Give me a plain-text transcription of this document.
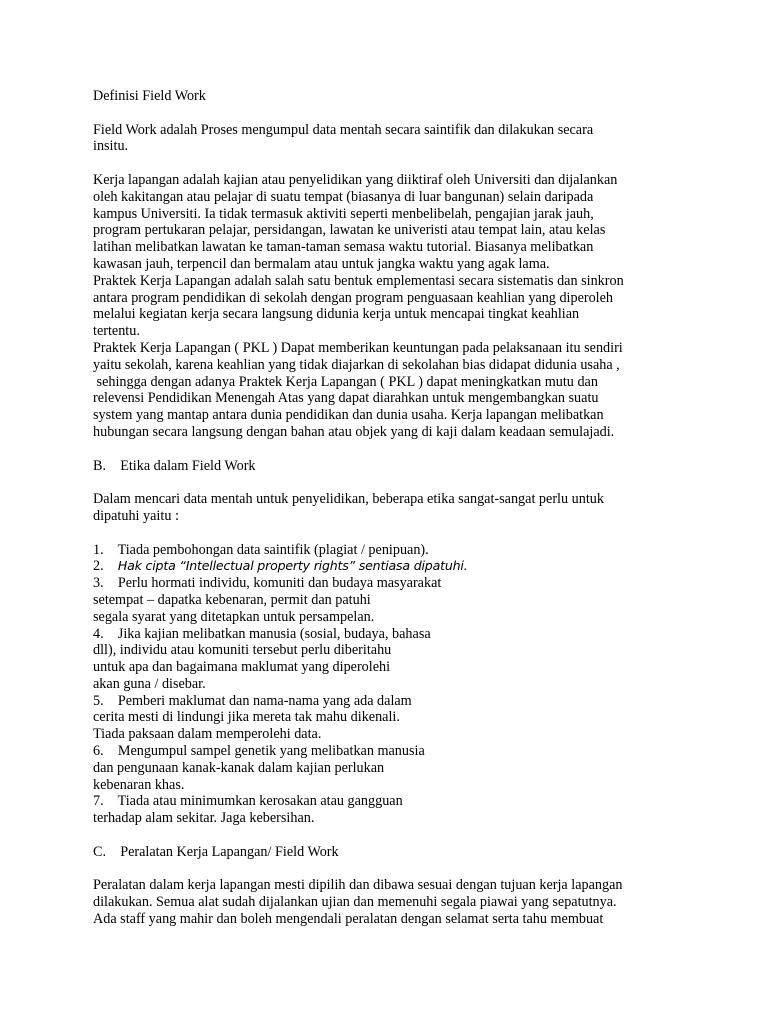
Definisi Field Work
Field Work adalah Proses mengumpul data mentah secara saintifik dan dilakukan secara
insitu.
Kerja lapangan adalah kajian atau penyelidikan yang diiktiraf oleh Universiti dan dijalankan
oleh kakitangan atau pelajar di suatu tempat (biasanya di luar bangunan) selain daripada
kampus Universiti. Ia tidak termasuk aktiviti seperti menbelibelah, pengajian jarak jauh,
program pertukaran pelajar, persidangan, lawatan ke univeristi atau tempat lain, atau kelas
latihan melibatkan lawatan ke taman-taman semasa waktu tutorial. Biasanya melibatkan
kawasan jauh, terpencil dan bermalam atau untuk jangka waktu yang agak lama.
Praktek Kerja Lapangan adalah salah satu bentuk emplementasi secara sistematis dan sinkron
antara program pendidikan di sekolah dengan program penguasaan keahlian yang diperoleh
melalui kegiatan kerja secara langsung didunia kerja untuk mencapai tingkat keahlian
tertentu.
Praktek Kerja Lapangan ( PKL ) Dapat memberikan keuntungan pada pelaksanaan itu sendiri
yaitu sekolah, karena keahlian yang tidak diajarkan di sekolahan bias didapat didunia usaha ,
sehingga dengan adanya Praktek Kerja Lapangan ( PKL ) dapat meningkatkan mutu dan
relevensi Pendidikan Menengah Atas yang dapat diarahkan untuk mengembangkan suatu
system yang mantap antara dunia pendidikan dan dunia usaha. Kerja lapangan melibatkan
hubungan secara langsung dengan bahan atau objek yang di kaji dalam keadaan semulajadi.
B.    Etika dalam Field Work
Dalam mencari data mentah untuk penyelidikan, beberapa etika sangat-sangat perlu untuk
dipatuhi yaitu :
1.    Tiada pembohongan data saintifik (plagiat / penipuan).
2.    Hak cipta “Intellectual property rights” sentiasa dipatuhi.
3.    Perlu hormati individu, komuniti dan budaya masyarakat
setempat – dapatka kebenaran, permit dan patuhi
segala syarat yang ditetapkan untuk persampelan.
4.    Jika kajian melibatkan manusia (sosial, budaya, bahasa
dll), individu atau komuniti tersebut perlu diberitahu
untuk apa dan bagaimana maklumat yang diperolehi
akan guna / disebar.
5.    Pemberi maklumat dan nama-nama yang ada dalam
cerita mesti di lindungi jika mereta tak mahu dikenali.
Tiada paksaan dalam memperolehi data.
6.    Mengumpul sampel genetik yang melibatkan manusia
dan pengunaan kanak-kanak dalam kajian perlukan
kebenaran khas.
7.    Tiada atau minimumkan kerosakan atau gangguan
terhadap alam sekitar. Jaga kebersihan.
C.    Peralatan Kerja Lapangan/ Field Work
Peralatan dalam kerja lapangan mesti dipilih dan dibawa sesuai dengan tujuan kerja lapangan
dilakukan. Semua alat sudah dijalankan ujian dan memenuhi segala piawai yang sepatutnya.
Ada staff yang mahir dan boleh mengendali peralatan dengan selamat serta tahu membuat
